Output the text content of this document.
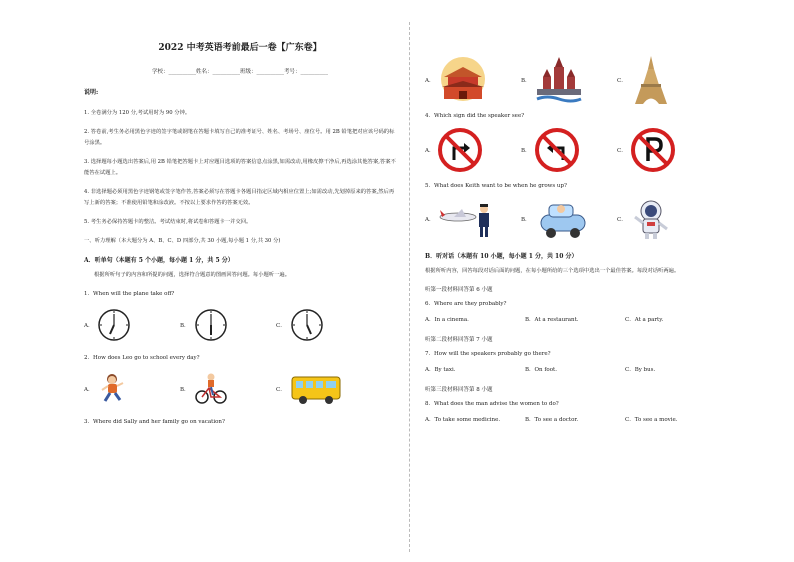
2022 中考英语考前最后一卷【广东卷】
学校：__________姓名：__________班级：__________考号：__________
说明:
1. 全卷满分为 120 分,考试用时为 90 分钟。
2. 答卷前,考生务必用黑色字迹的签字笔或钢笔在答题卡填写自己的准考证号、姓名、考场号、座位号。用 2B 铅笔把对应该号码的标号涂黑。
3. 选择题每小题选出答案后,用 2B 铅笔把答题卡上对应题目选项的答案信息点涂黑,如需改动,用橡皮擦干净后,再选涂其他答案,答案不能答在试题上。
4. 非选择题必须用黑色字迹钢笔或签字笔作答,答案必须写在答题卡各题目指定区域内相应位置上;如需改动,先划掉原来的答案,然后再写上新的答案；不准使用铅笔和涂改液。不按以上要求作答的答案无效。
5. 考生务必保持答题卡的整洁。考试结束时,将试卷和答题卡一并交回。
一、听力理解（本大题分为 A、B、C、D 四部分,共 30 小题,每小题 1 分,共 30 分)
A．听单句（本题有 5 个小题，每小题 1 分，共 5 分）
根据所听句子的内容和所提的问题，选择符合题意的图画回答问题。每小题听一遍。
1．When will the plane take off?
A．	B．	C．
2．How does Leo go to school every day?
A．	B．	C．
3．Where did Sally and her family go on vacation?
A．	B．	C．
4．Which sign did the speaker see?
A．	B．	C．
5．What does Keith want to be when he grows up?
A．	B．	C．
B．听对话（本题有 10 小题，每小题 1 分，共 10 分）
根据所听内容，回答每段对话后面的问题，在每小题所给的三个选项中选出一个最佳答案。每段对话听两遍。
听第一段材料回答第 6 小题
6．Where are they probably?
A．In a cinema.	B．At a restaurant.	C．At a party.
听第二段材料回答第 7 小题
7．How will the speakers probably go there?
A．By taxi.	B．On foot.	C．By bus.
听第三段材料回答第 8 小题
8．What does the man advise the women to do?
A．To take some medicine.	B．To see a doctor.	C．To see a movie.
